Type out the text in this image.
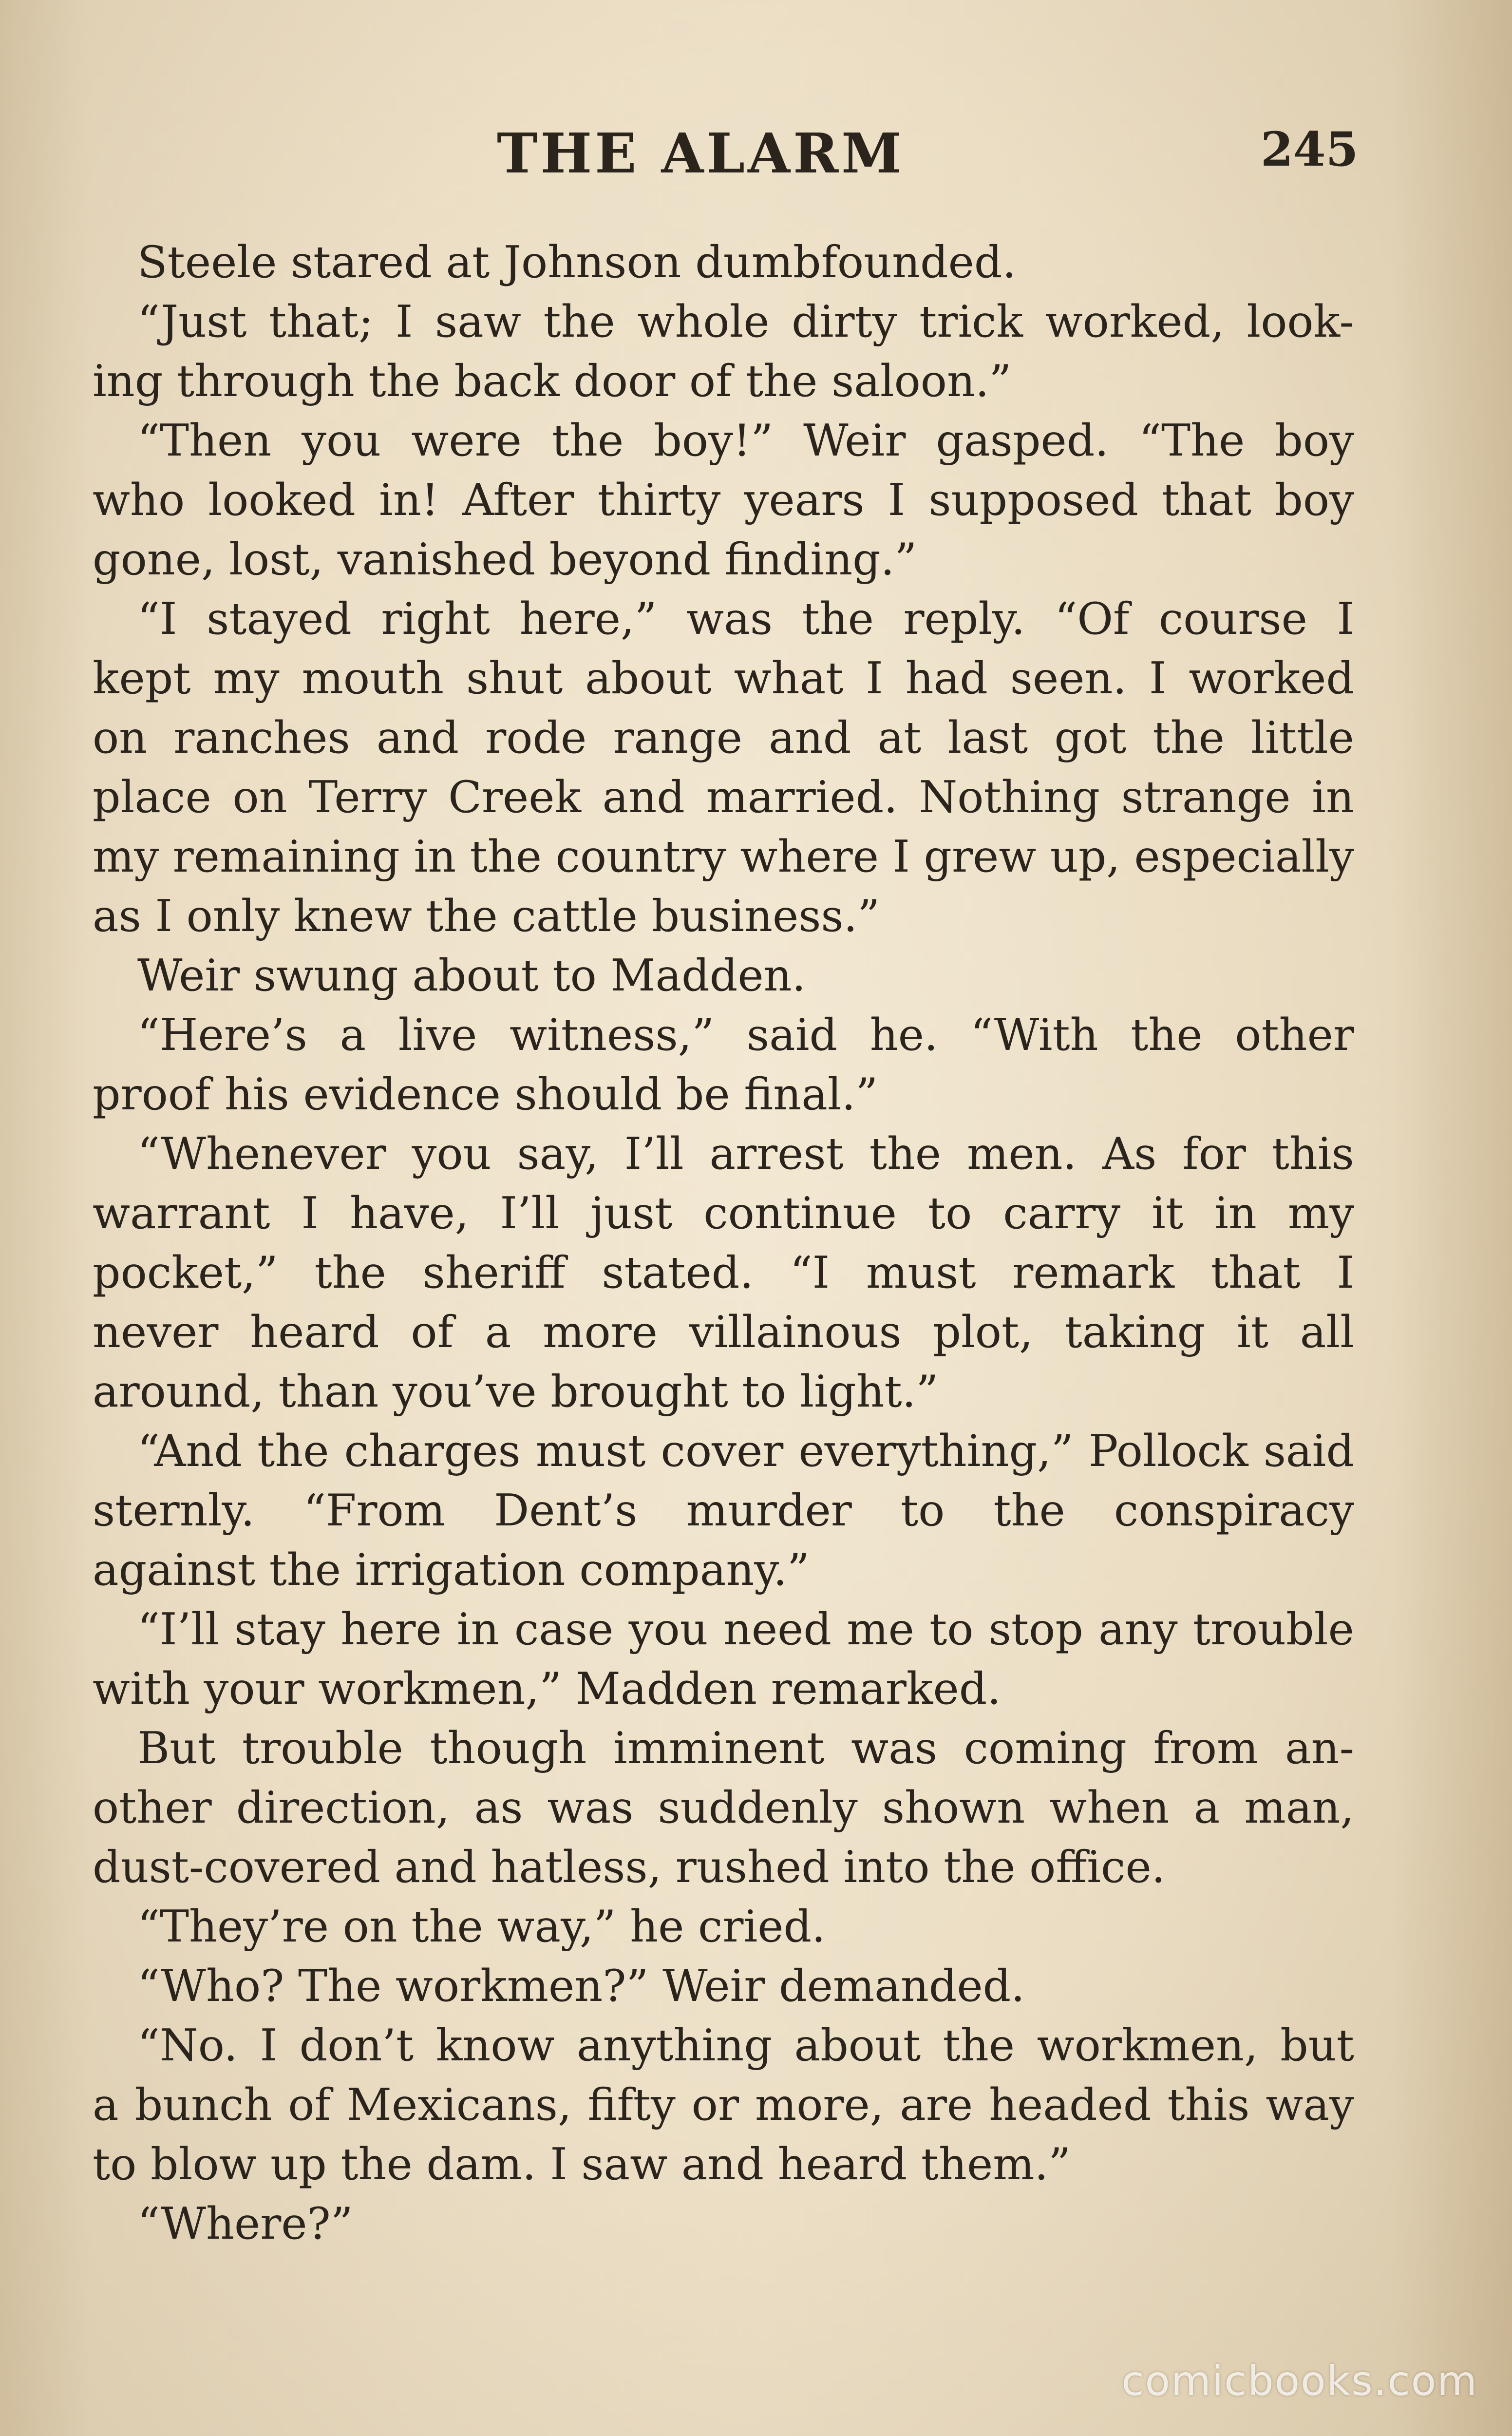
THE ALARM	245
Steele stared at Johnson dumbfounded.
“Just that; I saw the whole dirty trick worked, look-
ing through the back door of the saloon.”
“Then you were the boy!” Weir gasped. “The boy
who looked in! After thirty years I supposed that boy
gone, lost, vanished beyond finding.”
“I stayed right here,” was the reply. “Of course I
kept my mouth shut about what I had seen. I worked
on ranches and rode range and at last got the little
place on Terry Creek and married. Nothing strange in
my remaining in the country where I grew up, especially
as I only knew the cattle business.”
Weir swung about to Madden.
“Here’s a live witness,” said he. “With the other
proof his evidence should be final.”
“Whenever you say, I’ll arrest the men. As for this
warrant I have, I’ll just continue to carry it in my
pocket,” the sheriff stated. “I must remark that I
never heard of a more villainous plot, taking it all
around, than you’ve brought to light.”
“And the charges must cover everything,” Pollock said
sternly. “From Dent’s murder to the conspiracy
against the irrigation company.”
“I’ll stay here in case you need me to stop any trouble
with your workmen,” Madden remarked.
But trouble though imminent was coming from an-
other direction, as was suddenly shown when a man,
dust-covered and hatless, rushed into the office.
“They’re on the way,” he cried.
“Who? The workmen?” Weir demanded.
“No. I don’t know anything about the workmen, but
a bunch of Mexicans, fifty or more, are headed this way
to blow up the dam. I saw and heard them.”
“Where?”
comicbooks.com
